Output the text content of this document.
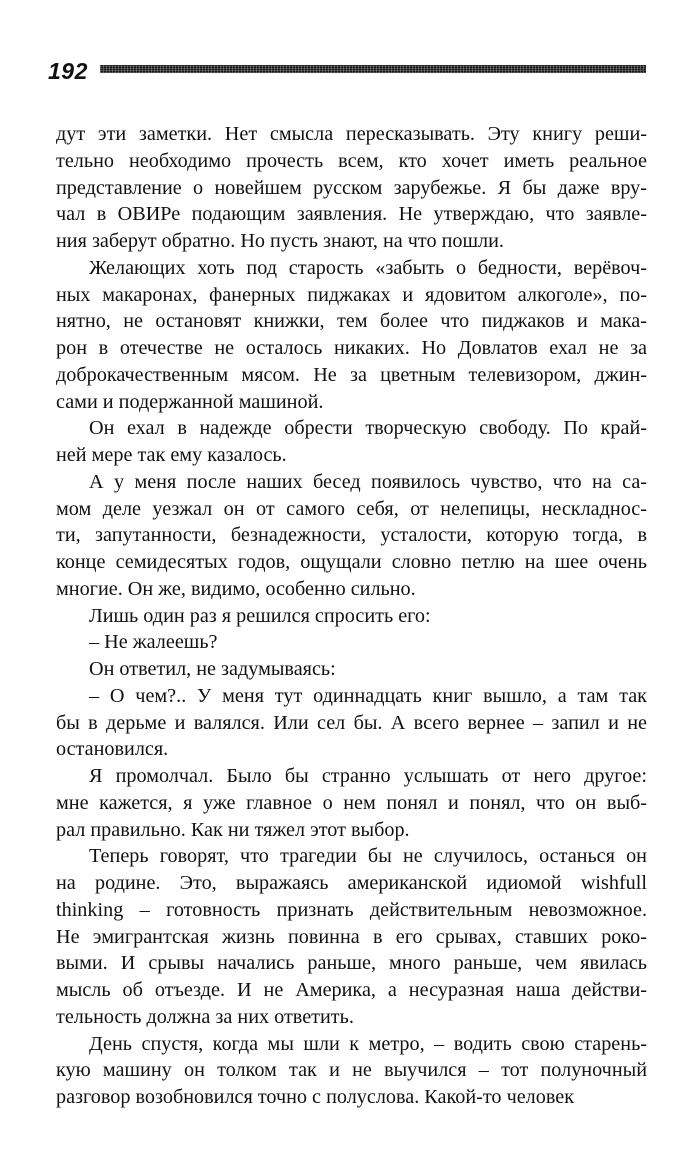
192
дут эти заметки. Нет смысла пересказывать. Эту книгу реши-
тельно необходимо прочесть всем, кто хочет иметь реальное
представление о новейшем русском зарубежье. Я бы даже вру-
чал в ОВИРе подающим заявления. Не утверждаю, что заявле-
ния заберут обратно. Но пусть знают, на что пошли.
Желающих хоть под старость «забыть о бедности, верёвоч-
ных макаронах, фанерных пиджаках и ядовитом алкоголе», по-
нятно, не остановят книжки, тем более что пиджаков и мака-
рон в отечестве не осталось никаких. Но Довлатов ехал не за
доброкачественным мясом. Не за цветным телевизором, джин-
сами и подержанной машиной.
Он ехал в надежде обрести творческую свободу. По край-
ней мере так ему казалось.
А у меня после наших бесед появилось чувство, что на са-
мом деле уезжал он от самого себя, от нелепицы, нескладнос-
ти, запутанности, безнадежности, усталости, которую тогда, в
конце семидесятых годов, ощущали словно петлю на шее очень
многие. Он же, видимо, особенно сильно.
Лишь один раз я решился спросить его:
– Не жалеешь?
Он ответил, не задумываясь:
– О чем?.. У меня тут одиннадцать книг вышло, а там так
бы в дерьме и валялся. Или сел бы. А всего вернее – запил и не
остановился.
Я промолчал. Было бы странно услышать от него другое:
мне кажется, я уже главное о нем понял и понял, что он выб-
рал правильно. Как ни тяжел этот выбор.
Теперь говорят, что трагедии бы не случилось, останься он
на родине. Это, выражаясь американской идиомой wishfull
thinking – готовность признать действительным невозможное.
Не эмигрантская жизнь повинна в его срывах, ставших роко-
выми. И срывы начались раньше, много раньше, чем явилась
мысль об отъезде. И не Америка, а несуразная наша действи-
тельность должна за них ответить.
День спустя, когда мы шли к метро, – водить свою старень-
кую машину он толком так и не выучился – тот полуночный
разговор возобновился точно с полуслова. Какой-то человек
